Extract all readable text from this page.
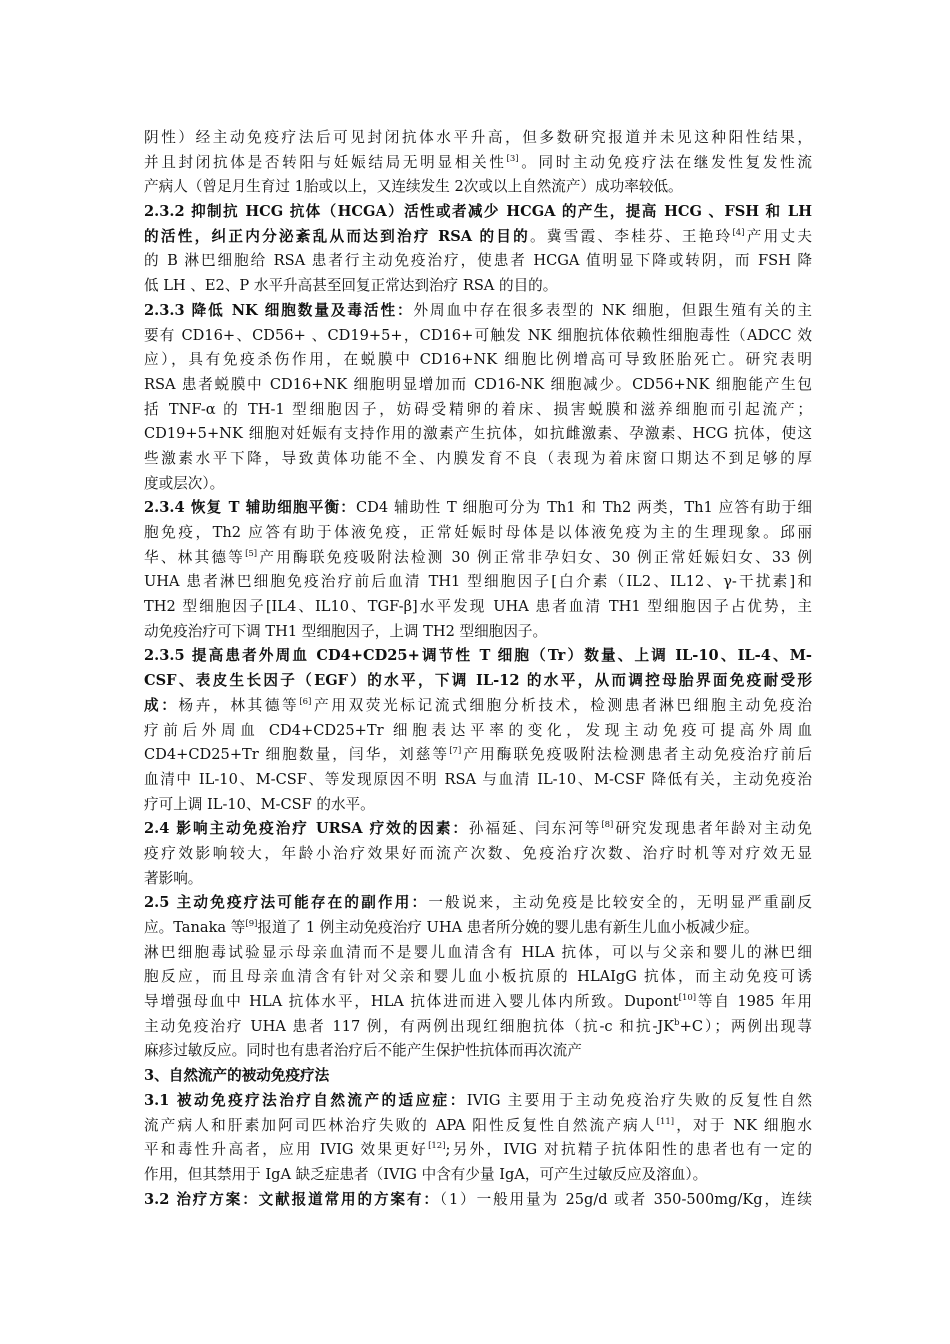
阴性）经主动免疫疗法后可见封闭抗体水平升高，但多数研究报道并未见这种阳性结果，
并且封闭抗体是否转阳与妊娠结局无明显相关性[3]。同时主动免疫疗法在继发性复发性流
产病人（曾足月生育过 1胎或以上，又连续发生 2次或以上自然流产）成功率较低。
2.3.2 抑制抗 HCG 抗体（HCGA）活性或者减少 HCGA 的产生，提高 HCG 、FSH 和 LH
的活性，纠正内分泌紊乱从而达到治疗 RSA 的目的。冀雪霞、李桂芬、王艳玲[4]产用丈夫
的 B 淋巴细胞给 RSA 患者行主动免疫治疗，使患者 HCGA 值明显下降或转阴，而 FSH 降
低 LH 、E2、P 水平升高甚至回复正常达到治疗 RSA 的目的。
2.3.3 降低 NK 细胞数量及毒活性：外周血中存在很多表型的 NK 细胞，但跟生殖有关的主
要有 CD16+、CD56+ 、CD19+5+，CD16+可触发 NK 细胞抗体依赖性细胞毒性（ADCC 效
应），具有免疫杀伤作用，在蜕膜中 CD16+NK 细胞比例增高可导致胚胎死亡。研究表明
RSA 患者蜕膜中 CD16+NK 细胞明显增加而 CD16-NK 细胞减少。CD56+NK 细胞能产生包
括 TNF-α 的 TH-1 型细胞因子，妨碍受精卵的着床、损害蜕膜和滋养细胞而引起流产；
CD19+5+NK 细胞对妊娠有支持作用的激素产生抗体，如抗雌激素、孕激素、HCG 抗体，使这
些激素水平下降，导致黄体功能不全、内膜发育不良（表现为着床窗口期达不到足够的厚
度或层次）。
2.3.4 恢复 T 辅助细胞平衡：CD4 辅助性 T 细胞可分为 Th1 和 Th2 两类，Th1 应答有助于细
胞免疫，Th2 应答有助于体液免疫，正常妊娠时母体是以体液免疫为主的生理现象。邱丽
华、林其德等[5]产用酶联免疫吸附法检测 30 例正常非孕妇女、30 例正常妊娠妇女、33 例
UHA 患者淋巴细胞免疫治疗前后血清 TH1 型细胞因子[白介素（IL2、IL12、γ-干扰素]和
TH2 型细胞因子[IL4、IL10、TGF-β]水平发现 UHA 患者血清 TH1 型细胞因子占优势，主
动免疫治疗可下调 TH1 型细胞因子，上调 TH2 型细胞因子。
2.3.5 提高患者外周血 CD4+CD25+调节性 T 细胞（Tr）数量、上调 IL-10、IL-4、M-
CSF、表皮生长因子（EGF）的水平，下调 IL-12 的水平，从而调控母胎界面免疫耐受形
成：杨卉，林其德等[6]产用双荧光标记流式细胞分析技术，检测患者淋巴细胞主动免疫治
疗前后外周血 CD4+CD25+Tr 细胞表达平率的变化，发现主动免疫可提高外周血
CD4+CD25+Tr 细胞数量，闫华，刘慈等[7]产用酶联免疫吸附法检测患者主动免疫治疗前后
血清中 IL-10、M-CSF、等发现原因不明 RSA 与血清 IL-10、M-CSF 降低有关，主动免疫治
疗可上调 IL-10、M-CSF 的水平。
2.4 影响主动免疫治疗 URSA 疗效的因素：孙福延、闫东河等[8]研究发现患者年龄对主动免
疫疗效影响较大，年龄小治疗效果好而流产次数、免疫治疗次数、治疗时机等对疗效无显
著影响。
2.5 主动免疫疗法可能存在的副作用：一般说来，主动免疫是比较安全的，无明显严重副反
应。Tanaka 等[9]报道了 1 例主动免疫治疗 UHA 患者所分娩的婴儿患有新生儿血小板减少症。
淋巴细胞毒试验显示母亲血清而不是婴儿血清含有 HLA 抗体，可以与父亲和婴儿的淋巴细
胞反应，而且母亲血清含有针对父亲和婴儿血小板抗原的 HLAIgG 抗体，而主动免疫可诱
导增强母血中 HLA 抗体水平，HLA 抗体进而进入婴儿体内所致。Dupont[10]等自 1985 年用
主动免疫治疗 UHA 患者 117 例，有两例出现红细胞抗体（抗-c 和抗$-JK^b+C$）；两例出现荨
麻疹过敏反应。同时也有患者治疗后不能产生保护性抗体而再次流产
3、自然流产的被动免疫疗法
3.1 被动免疫疗法治疗自然流产的适应症：IVIG 主要用于主动免疫治疗失败的反复性自然
流产病人和肝素加阿司匹林治疗失败的 APA 阳性反复性自然流产病人[11]，对于 NK 细胞水
平和毒性升高者，应用 IVIG 效果更好[12];另外，IVIG 对抗精子抗体阳性的患者也有一定的
作用，但其禁用于 IgA 缺乏症患者（IVIG 中含有少量 IgA，可产生过敏反应及溶血）。
3.2 治疗方案：文献报道常用的方案有：（1）一般用量为 25g/d 或者 350-500mg/Kg，连续
